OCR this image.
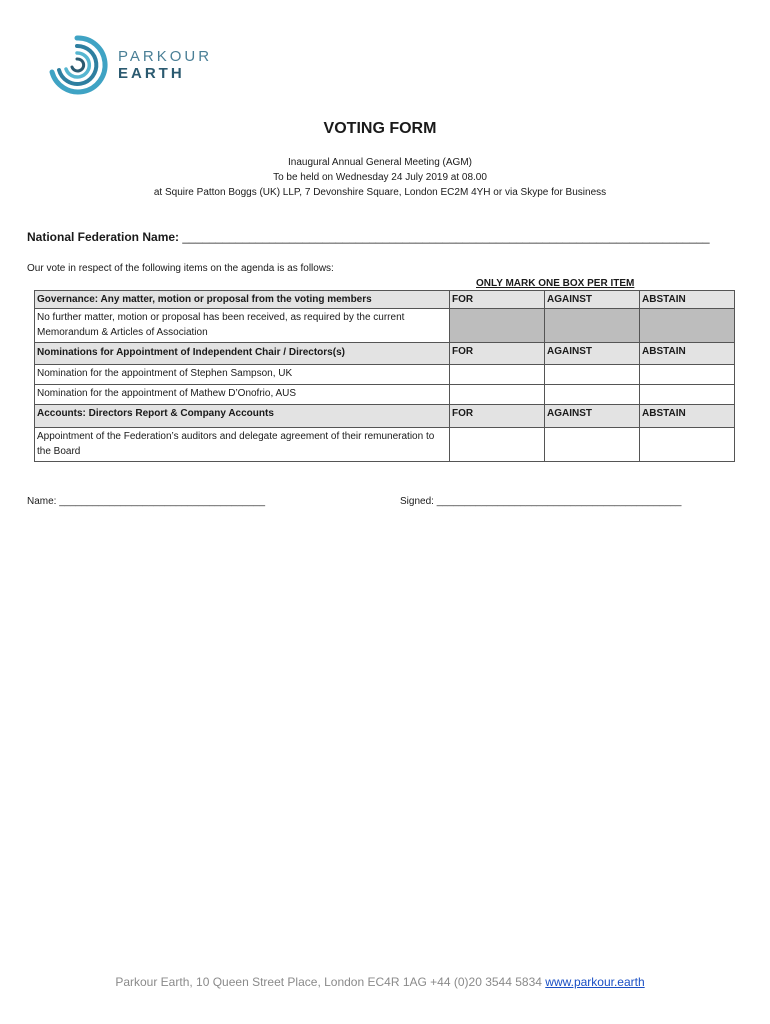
PARKOUR
EARTH
VOTING FORM
Inaugural Annual General Meeting (AGM)
To be held on Wednesday 24 July 2019 at 08.00
at Squire Patton Boggs (UK) LLP, 7 Devonshire Square, London EC2M 4YH or via Skype for Business
National Federation Name: _______________________________________________________________________________
Our vote in respect of the following items on the agenda is as follows:
ONLY MARK ONE BOX PER ITEM
Governance: Any matter, motion or proposal from the voting members	FOR	AGAINST	ABSTAIN
No further matter, motion or proposal has been received, as required by the current Memorandum & Articles of Association			
Nominations for Appointment of Independent Chair / Directors(s)	FOR	AGAINST	ABSTAIN
Nomination for the appointment of Stephen Sampson, UK			
Nomination for the appointment of Mathew D’Onofrio, AUS			
Accounts: Directors Report & Company Accounts	FOR	AGAINST	ABSTAIN
Appointment of the Federation’s auditors and delegate agreement of their remuneration to the Board			
Name: _____________________________________	Signed: ____________________________________________
Parkour Earth, 10 Queen Street Place, London EC4R 1AG +44 (0)20 3544 5834 www.parkour.earth
